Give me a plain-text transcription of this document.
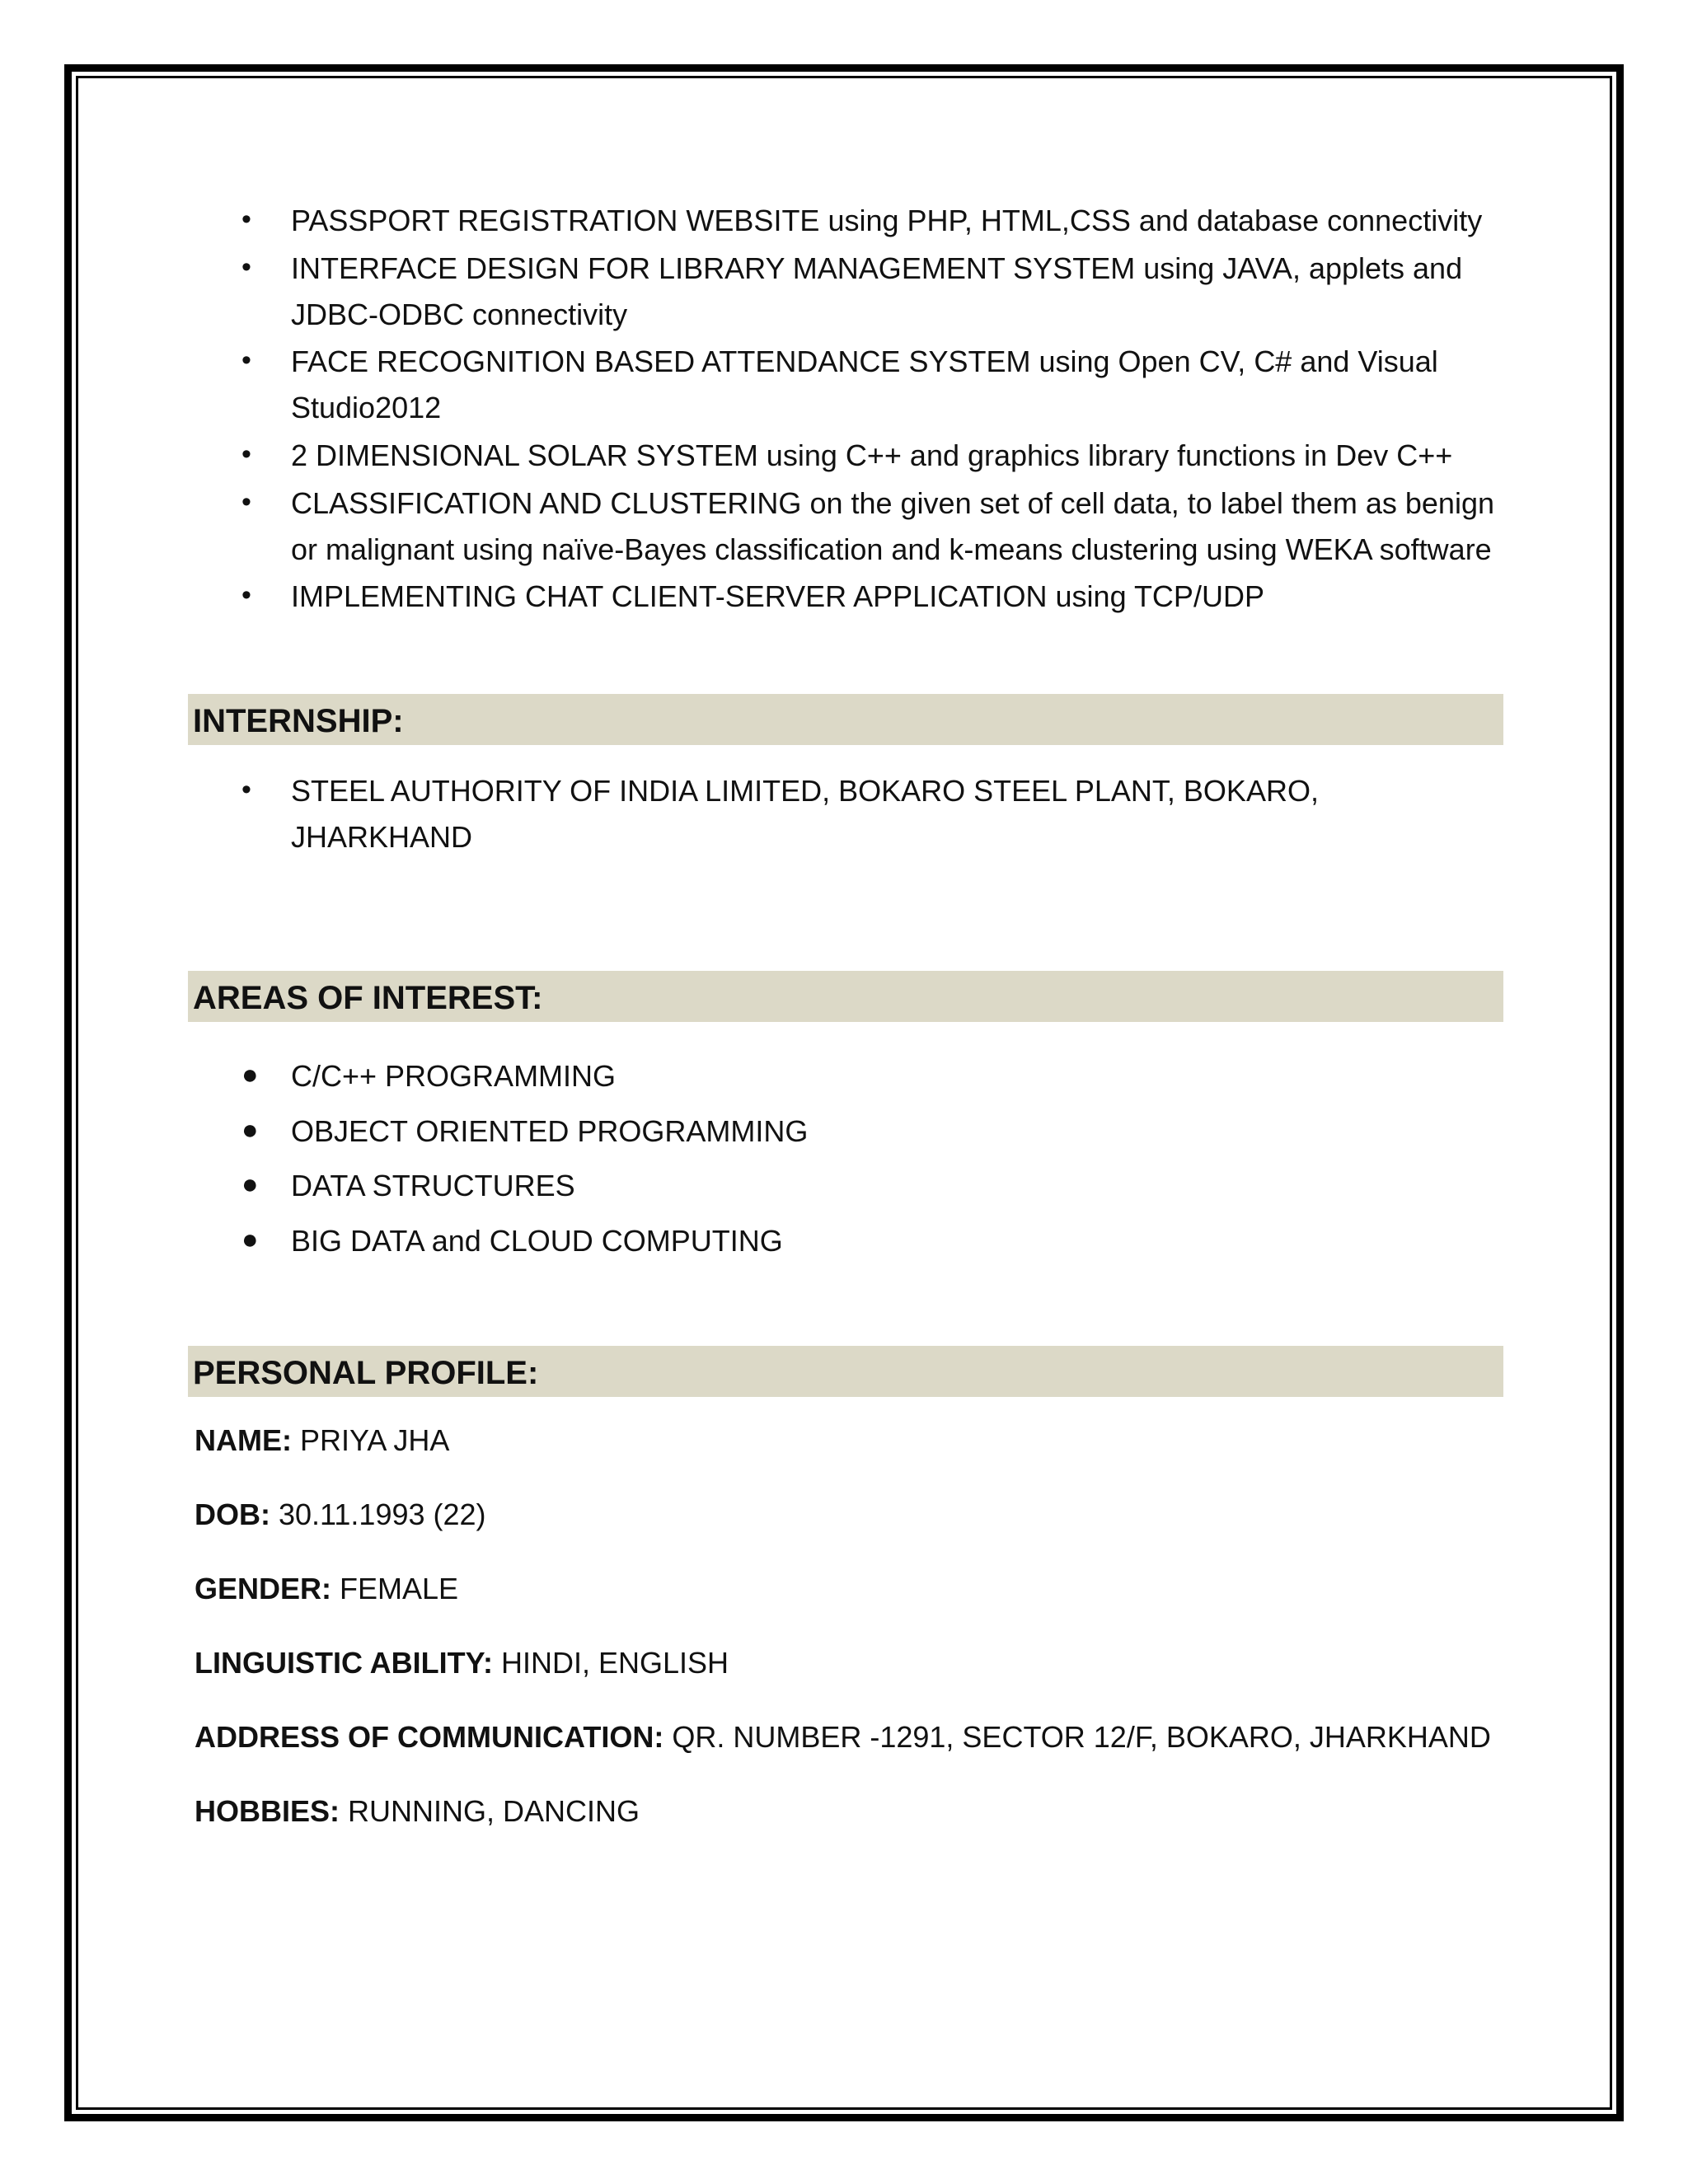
• PASSPORT REGISTRATION WEBSITE using PHP, HTML,CSS and database connectivity
• INTERFACE DESIGN FOR LIBRARY MANAGEMENT SYSTEM using JAVA, applets and JDBC-ODBC connectivity
• FACE RECOGNITION BASED ATTENDANCE SYSTEM using Open CV, C# and Visual Studio2012
• 2 DIMENSIONAL SOLAR SYSTEM using C++ and graphics library functions in Dev C++
• CLASSIFICATION AND CLUSTERING on the given set of cell data, to label them as benign or malignant using naïve-Bayes classification and k-means clustering using WEKA software
• IMPLEMENTING CHAT CLIENT-SERVER APPLICATION using TCP/UDP
INTERNSHIP:
• STEEL AUTHORITY OF INDIA LIMITED, BOKARO STEEL PLANT, BOKARO, JHARKHAND
AREAS OF INTEREST:
● C/C++ PROGRAMMING
● OBJECT ORIENTED PROGRAMMING
● DATA STRUCTURES
● BIG DATA and CLOUD COMPUTING
PERSONAL PROFILE:

NAME: PRIYA JHA

DOB: 30.11.1993 (22)

GENDER: FEMALE

LINGUISTIC ABILITY: HINDI, ENGLISH

ADDRESS OF COMMUNICATION: QR. NUMBER -1291, SECTOR 12/F, BOKARO, JHARKHAND

HOBBIES: RUNNING, DANCING
